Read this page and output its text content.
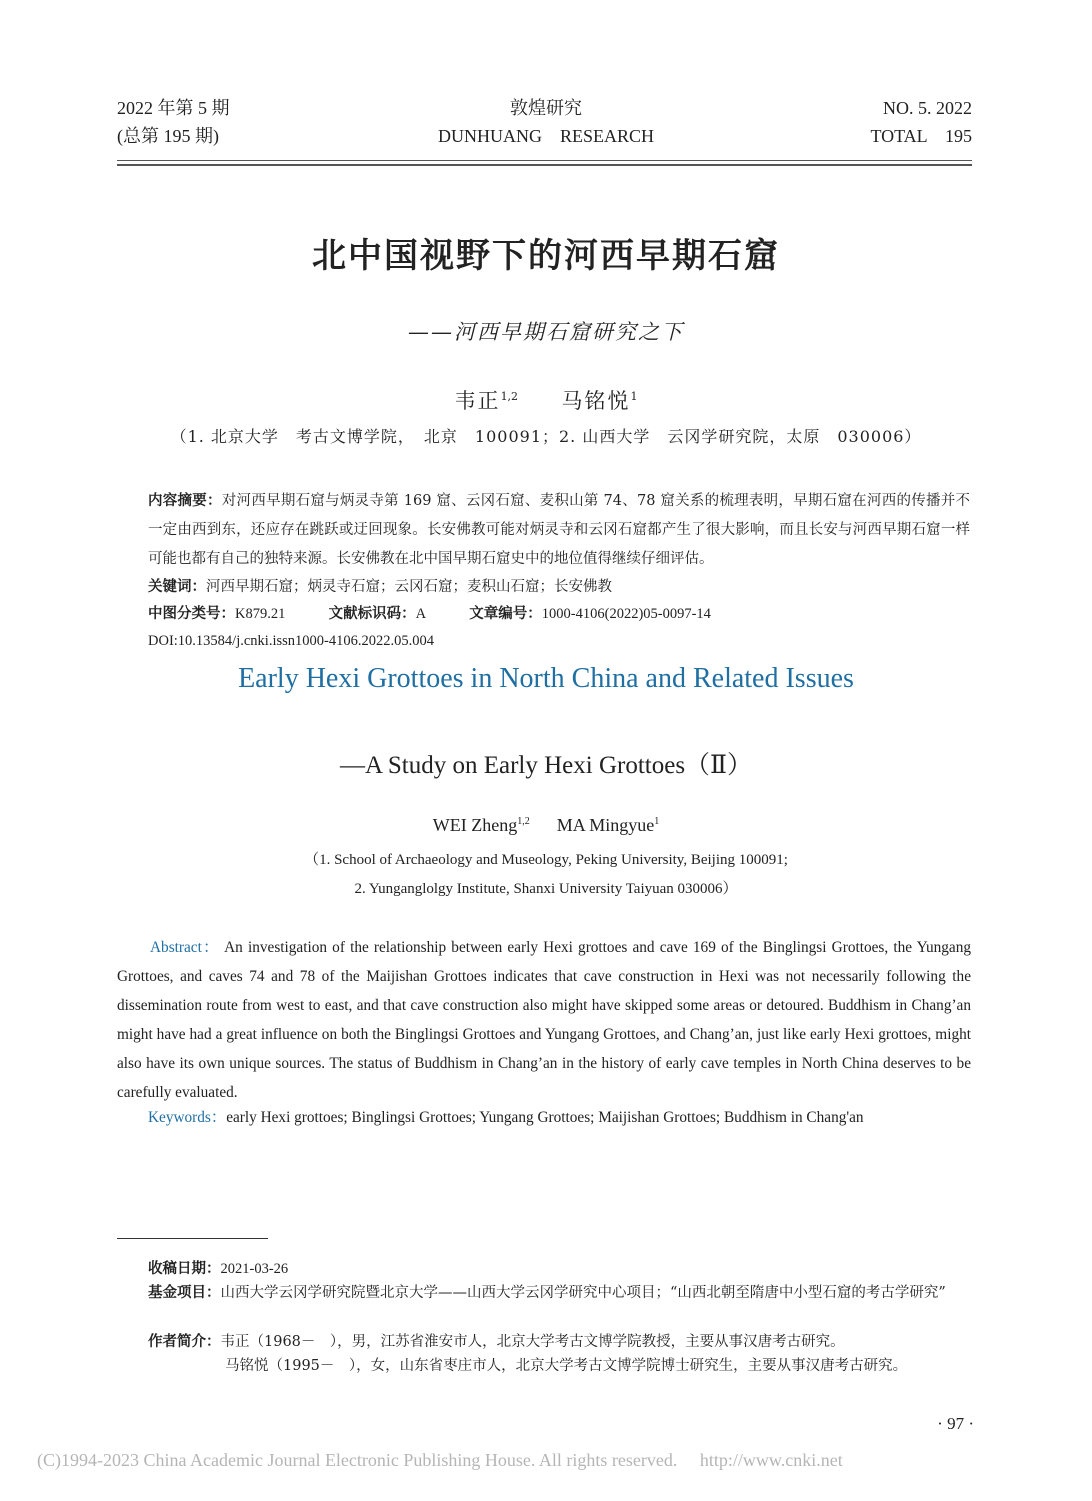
2022 年第 5 期
(总第 195 期)
敦煌研究
DUNHUANG　RESEARCH
NO. 5. 2022
TOTAL　195
北中国视野下的河西早期石窟
——河西早期石窟研究之下
韦正$^{1,2}$ 马铭悦$^1$
（1. 北京大学　考古文博学院，　北京　100091；2. 山西大学　云冈学研究院，太原　030006）
内容摘要：对河西早期石窟与炳灵寺第 169 窟、云冈石窟、麦积山第 74、78 窟关系的梳理表明，早期石窟在河西的传播并不一定由西到东，还应存在跳跃或迂回现象。长安佛教可能对炳灵寺和云冈石窟都产生了很大影响，而且长安与河西早期石窟一样可能也都有自己的独特来源。长安佛教在北中国早期石窟史中的地位值得继续仔细评估。
关键词：河西早期石窟；炳灵寺石窟；云冈石窟；麦积山石窟；长安佛教
中图分类号：K879.21	文献标识码：A	文章编号：1000-4106(2022)05-0097-14
DOI:10.13584/j.cnki.issn1000-4106.2022.05.004
Early Hexi Grottoes in North China and Related Issues
—A Study on Early Hexi Grottoes（Ⅱ）
WEI Zheng$^{1,2}$ MA Mingyue$^1$
（1. School of Archaeology and Museology, Peking University, Beijing 100091;
2. Yunganglolgy Institute, Shanxi University Taiyuan 030006）
Abstract： An investigation of the relationship between early Hexi grottoes and cave 169 of the Binglingsi Grottoes, the Yungang Grottoes, and caves 74 and 78 of the Maijishan Grottoes indicates that cave construction in Hexi was not necessarily following the dissemination route from west to east, and that cave construction also might have skipped some areas or detoured. Buddhism in Chang’an might have had a great influence on both the Binglingsi Grottoes and Yungang Grottoes, and Chang’an, just like early Hexi grottoes, might also have its own unique sources. The status of Buddhism in Chang’an in the history of early cave temples in North China deserves to be carefully evaluated.
Keywords：early Hexi grottoes; Binglingsi Grottoes; Yungang Grottoes; Maijishan Grottoes; Buddhism in Chang'an
收稿日期：2021-03-26
基金项目：山西大学云冈学研究院暨北京大学——山西大学云冈学研究中心项目；“山西北朝至隋唐中小型石窟的考古学研究”
作者简介：韦正（1968－　），男，江苏省淮安市人，北京大学考古文博学院教授，主要从事汉唐考古研究。
马铭悦（1995－　），女，山东省枣庄市人，北京大学考古文博学院博士研究生，主要从事汉唐考古研究。
· 97 ·
(C)1994-2023 China Academic Journal Electronic Publishing House. All rights reserved.　 http://www.cnki.net
